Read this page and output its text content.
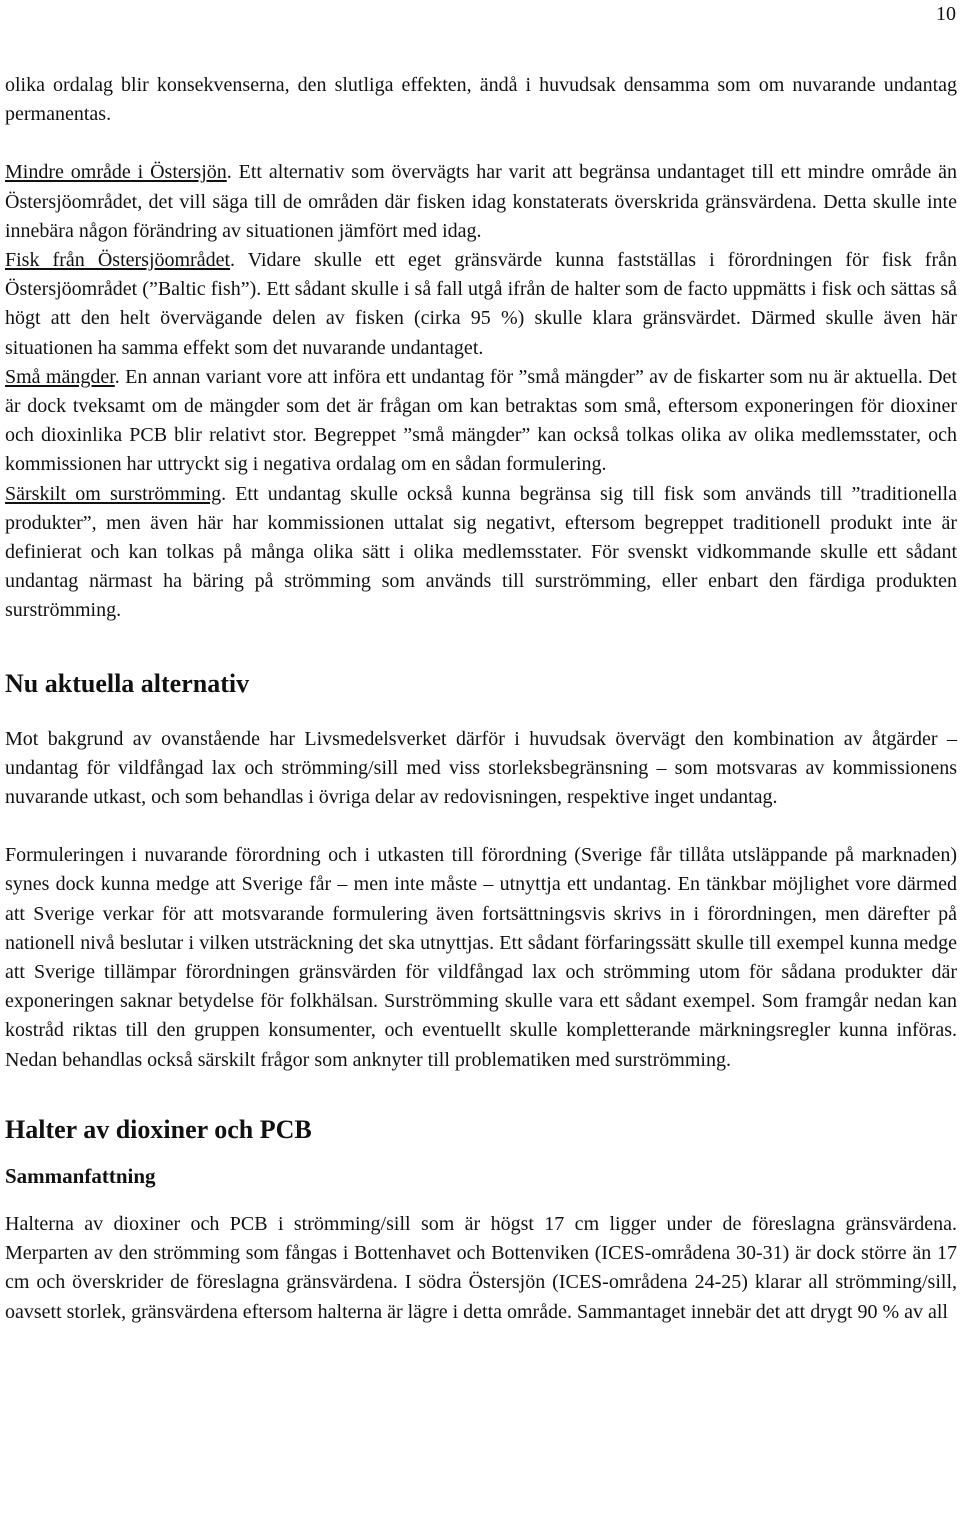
10

olika ordalag blir konsekvenserna, den slutliga effekten, ändå i huvudsak densamma som om nuvarande undantag permanentas.

Mindre område i Östersjön. Ett alternativ som övervägts har varit att begränsa undantaget till ett mindre område än Östersjöområdet, det vill säga till de områden där fisken idag konstaterats överskrida gränsvärdena. Detta skulle inte innebära någon förändring av situationen jämfört med idag.

Fisk från Östersjöområdet. Vidare skulle ett eget gränsvärde kunna fastställas i förordningen för fisk från Östersjöområdet (”Baltic fish”). Ett sådant skulle i så fall utgå ifrån de halter som de facto uppmätts i fisk och sättas så högt att den helt övervägande delen av fisken (cirka 95 %) skulle klara gränsvärdet. Därmed skulle även här situationen ha samma effekt som det nuvarande undantaget.

Små mängder. En annan variant vore att införa ett undantag för ”små mängder” av de fiskarter som nu är aktuella. Det är dock tveksamt om de mängder som det är frågan om kan betraktas som små, eftersom exponeringen för dioxiner och dioxinlika PCB blir relativt stor. Begreppet ”små mängder” kan också tolkas olika av olika medlemsstater, och kommissionen har uttryckt sig i negativa ordalag om en sådan formulering.

Särskilt om surströmming. Ett undantag skulle också kunna begränsa sig till fisk som används till ”traditionella produkter”, men även här har kommissionen uttalat sig negativt, eftersom begreppet traditionell produkt inte är definierat och kan tolkas på många olika sätt i olika medlemsstater. För svenskt vidkommande skulle ett sådant undantag närmast ha bäring på strömming som används till surströmming, eller enbart den färdiga produkten surströmming.

Nu aktuella alternativ

Mot bakgrund av ovanstående har Livsmedelsverket därför i huvudsak övervägt den kombination av åtgärder – undantag för vildfångad lax och strömming/sill med viss storleksbegränsning – som motsvaras av kommissionens nuvarande utkast, och som behandlas i övriga delar av redovisningen, respektive inget undantag.

Formuleringen i nuvarande förordning och i utkasten till förordning (Sverige får tillåta utsläppande på marknaden) synes dock kunna medge att Sverige får – men inte måste – utnyttja ett undantag. En tänkbar möjlighet vore därmed att Sverige verkar för att motsvarande formulering även fortsättningsvis skrivs in i förordningen, men därefter på nationell nivå beslutar i vilken utsträckning det ska utnyttjas. Ett sådant förfaringssätt skulle till exempel kunna medge att Sverige tillämpar förordningen gränsvärden för vildfångad lax och strömming utom för sådana produkter där exponeringen saknar betydelse för folkhälsan. Surströmming skulle vara ett sådant exempel. Som framgår nedan kan kostråd riktas till den gruppen konsumenter, och eventuellt skulle kompletterande märkningsregler kunna införas. Nedan behandlas också särskilt frågor som anknyter till problematiken med surströmming.

Halter av dioxiner och PCB
Sammanfattning

Halterna av dioxiner och PCB i strömming/sill som är högst 17 cm ligger under de föreslagna gränsvärdena. Merparten av den strömming som fångas i Bottenhavet och Bottenviken (ICES-områdena 30-31) är dock större än 17 cm och överskrider de föreslagna gränsvärdena. I södra Östersjön (ICES-områdena 24-25) klarar all strömming/sill, oavsett storlek, gränsvärdena eftersom halterna är lägre i detta område. Sammantaget innebär det att drygt 90 % av all
